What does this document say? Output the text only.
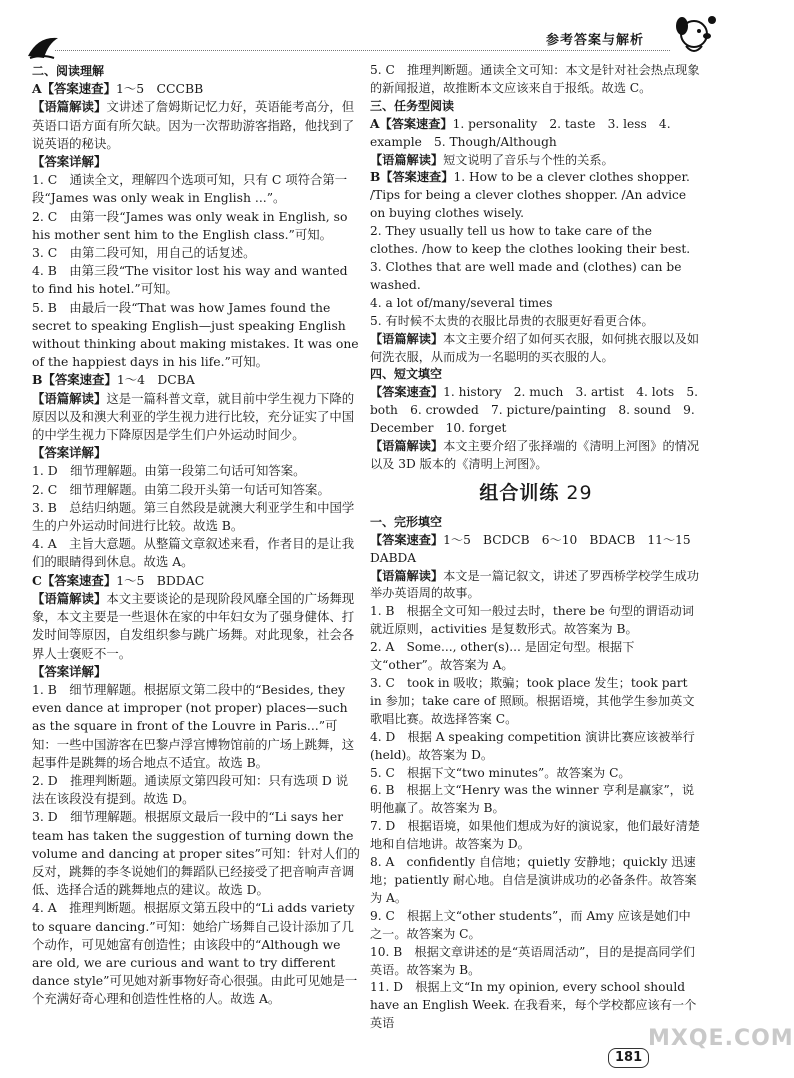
参考答案与解析

二、阅读理解

A【答案速查】1～5　CCCBB

【语篇解读】文讲述了詹姆斯记忆力好，英语能考高分，但英语口语方面有所欠缺。因为一次帮助游客指路，他找到了说英语的秘诀。

【答案详解】

1. C　通读全文，理解四个选项可知，只有 C 项符合第一段“James was only weak in English ...”。

2. C　由第一段“James was only weak in English, so his mother sent him to the English class.”可知。

3. C　由第二段可知，用自己的话复述。

4. B　由第三段“The visitor lost his way and wanted to find his hotel.”可知。

5. B　由最后一段“That was how James found the secret to speaking English—just speaking English without thinking about making mistakes. It was one of the happiest days in his life.”可知。

B【答案速查】1～4　DCBA

【语篇解读】这是一篇科普文章，就目前中学生视力下降的原因以及和澳大利亚的学生视力进行比较，充分证实了中国的中学生视力下降原因是学生们户外运动时间少。

【答案详解】

1. D　细节理解题。由第一段第二句话可知答案。

2. C　细节理解题。由第二段开头第一句话可知答案。

3. B　总结归纳题。第三自然段是就澳大利亚学生和中国学生的户外运动时间进行比较。故选 B。

4. A　主旨大意题。从整篇文章叙述来看，作者目的是让我们的眼睛得到休息。故选 A。

C【答案速查】1～5　BDDAC

【语篇解读】本文主要谈论的是现阶段风靡全国的广场舞现象，本文主要是一些退休在家的中年妇女为了强身健体、打发时间等原因，自发组织参与跳广场舞。对此现象，社会各界人士褒贬不一。

【答案详解】

1. B　细节理解题。根据原文第二段中的“Besides, they even dance at improper (not proper) places—such as the square in front of the Louvre in Paris...”可知：一些中国游客在巴黎卢浮宫博物馆前的广场上跳舞，这起事件是跳舞的场合地点不适宜。故选 B。

2. D　推理判断题。通读原文第四段可知：只有选项 D 说法在该段没有提到。故选 D。

3. D　细节理解题。根据原文最后一段中的“Li says her team has taken the suggestion of turning down the volume and dancing at proper sites”可知：针对人们的反对，跳舞的李冬说她们的舞蹈队已经接受了把音响声音调低、选择合适的跳舞地点的建议。故选 D。

4. A　推理判断题。根据原文第五段中的“Li adds variety to square dancing.”可知：她给广场舞自己设计添加了几个动作，可见她富有创造性；由该段中的“Although we are old, we are curious and want to try different dance style”可见她对新事物好奇心很强。由此可见她是一个充满好奇心理和创造性性格的人。故选 A。

5. C　推理判断题。通读全文可知：本文是针对社会热点现象的新闻报道，故推断本文应该来自于报纸。故选 C。

三、任务型阅读

A【答案速查】1. personality　2. taste　3. less　4. example　5. Though/Although

【语篇解读】短文说明了音乐与个性的关系。

B【答案速查】1. How to be a clever clothes shopper. /Tips for being a clever clothes shopper. /An advice on buying clothes wisely.

2. They usually tell us how to take care of the clothes. /how to keep the clothes looking their best.

3. Clothes that are well made and (clothes) can be washed.

4. a lot of/many/several times

5. 有时候不太贵的衣服比昂贵的衣服更好看更合体。

【语篇解读】本文主要介绍了如何买衣服，如何挑衣服以及如何洗衣服，从而成为一名聪明的买衣服的人。

四、短文填空

【答案速查】1. history　2. much　3. artist　4. lots　5. both　6. crowded　7. picture/painting　8. sound　9. December　10. forget

【语篇解读】本文主要介绍了张择端的《清明上河图》的情况以及 3D 版本的《清明上河图》。

组合训练 29

一、完形填空

【答案速查】1～5　BCDCB　6～10　BDACB　11～15　DABDA

【语篇解读】本文是一篇记叙文，讲述了罗西桥学校学生成功举办英语周的故事。

1. B　根据全文可知一般过去时，there be 句型的谓语动词就近原则，activities 是复数形式。故答案为 B。

2. A　Some..., other(s)... 是固定句型。根据下文“other”。故答案为 A。

3. C　took in 吸收；欺骗；took place 发生；took part in 参加；take care of 照顾。根据语境，其他学生参加英文歌唱比赛。故选择答案 C。

4. D　根据 A speaking competition 演讲比赛应该被举行 (held)。故答案为 D。

5. C　根据下文“two minutes”。故答案为 C。

6. B　根据上文“Henry was the winner 亨利是赢家”，说明他赢了。故答案为 B。

7. D　根据语境，如果他们想成为好的演说家，他们最好清楚地和自信地讲。故答案为 D。

8. A　confidently 自信地；quietly 安静地；quickly 迅速地；patiently 耐心地。自信是演讲成功的必备条件。故答案为 A。

9. C　根据上文“other students”，而 Amy 应该是她们中之一。故答案为 C。

10. B　根据文章讲述的是“英语周活动”，目的是提高同学们英语。故答案为 B。

11. D　根据上文“In my opinion, every school should have an English Week. 在我看来，每个学校都应该有一个英语

181
MXQE.COM
